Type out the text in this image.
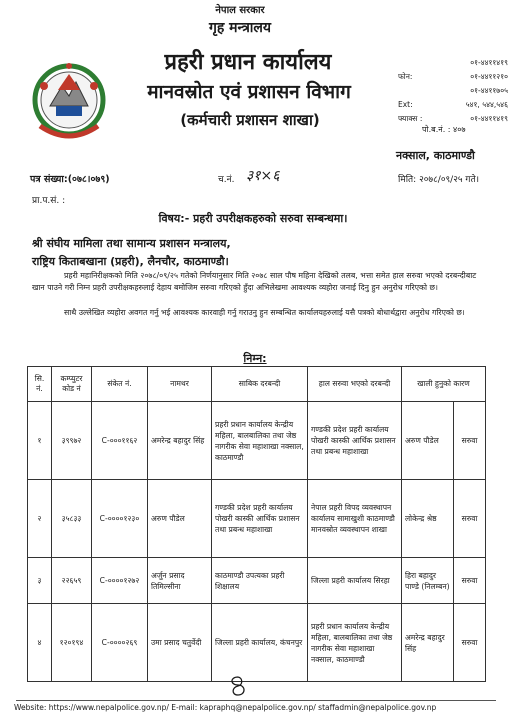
नेपाल सरकार
गृह मन्त्रालय
प्रहरी प्रधान कार्यालय
मानवस्रोत एवं प्रशासन विभाग
(कर्मचारी प्रशासन शाखा)
०१-४४११४१९
फोन:	०१-४४११२१०
०१-४४११७०५
Ext:	५४१, ५४४,५४६
फ्याक्स :	०१-४४११४१९
पो.ब.नं. : ४०७
नक्साल, काठमाण्डौ
पत्र संख्या:(०७८।०७९)	च.नं. ३१×६	मिति: २०७८/०९/२५ गते।
प्रा.प.सं. :
विषय:- प्रहरी उपरीक्षकहरुको सरुवा सम्बन्धमा।
श्री संघीय मामिला तथा सामान्य प्रशासन मन्त्रालय,
राष्ट्रिय किताबखाना (प्रहरी), लैनचौर, काठमाण्डौ।
प्रहरी महानिरीक्षकको मिति २०७८/०९/२५ गतेको निर्णयानुसार मिति २०७८ साल पौष महिना देखिको तलब, भत्ता समेत हाल सरुवा भएको दरबन्दीबाट खान पाउने गरी निम्न प्रहरी उपरीक्षकहरुलाई देहाय बमोजिम सरुवा गरिएको हुँदा अभिलेखमा आवश्यक व्यहोरा जनाई दिनु हुन अनुरोध गरिएको छ।
साथै उल्लेखित व्यहोरा अवगत गर्नु भई आवश्यक कारवाही गर्नु गराउनु हुन सम्बन्धित कार्यालयहरुलाई यसै पत्रको बोधार्थद्वारा अनुरोध गरिएको छ।
निम्न:
सि. नं.	कम्प्युटर कोड नं	संकेत नं.	नामथर	साबिक दरबन्दी	हाल सरुवा भएको दरबन्दी	खाली हुनुको कारण	
१	३९९७२	C-०००११६२	अमरेन्द्र बहादुर सिंह	प्रहरी प्रधान कार्यालय केन्द्रीय महिला, बालबालिका तथा जेष्ठ नागरीक सेवा महाशाखा नक्साल, काठमाण्डौ	गण्डकी प्रदेश प्रहरी कार्यालय पोखरी कास्की आर्थिक प्रशासन तथा प्रबन्ध महाशाखा	अरुण पौडेल	सरुवा
२	३५८३३	C-००००१२३०	अरुण पौडेल	गण्डकी प्रदेश प्रहरी कार्यालय पोखरी कास्की आर्थिक प्रशासन तथा प्रबन्ध महाशाखा	नेपाल प्रहरी विपद व्यवस्थापन कार्यालय सामाखुशी काठमाण्डौ मानवस्रोत व्यवस्थापन शाखा	लोकेन्द्र श्रेष्ठ	सरुवा
३	२२६५९	C-००००१२७२	अर्जुन प्रसाद तिमिल्सीना	काठमाण्डौ उपत्यका प्रहरी शिक्षालय	जिल्ला प्रहरी कार्यालय सिरहा	हिरा बहादुर पाण्डे (निलम्बन)	सरुवा
४	१२०१९४	C-००००२६९	उमा प्रसाद चतुर्वेदी	जिल्ला प्रहरी कार्यालय, कंचनपुर	प्रहरी प्रधान कार्यालय केन्द्रीय महिला, बालबालिका तथा जेष्ठ नागरीक सेवा महाशाखा नक्साल, काठमाण्डौ	अमरेन्द्र बहादुर सिंह	सरुवा
Website: https://www.nepalpolice.gov.np/ E-mail: kapraphq@nepalpolice.gov.np/ staffadmin@nepalpolice.gov.np
